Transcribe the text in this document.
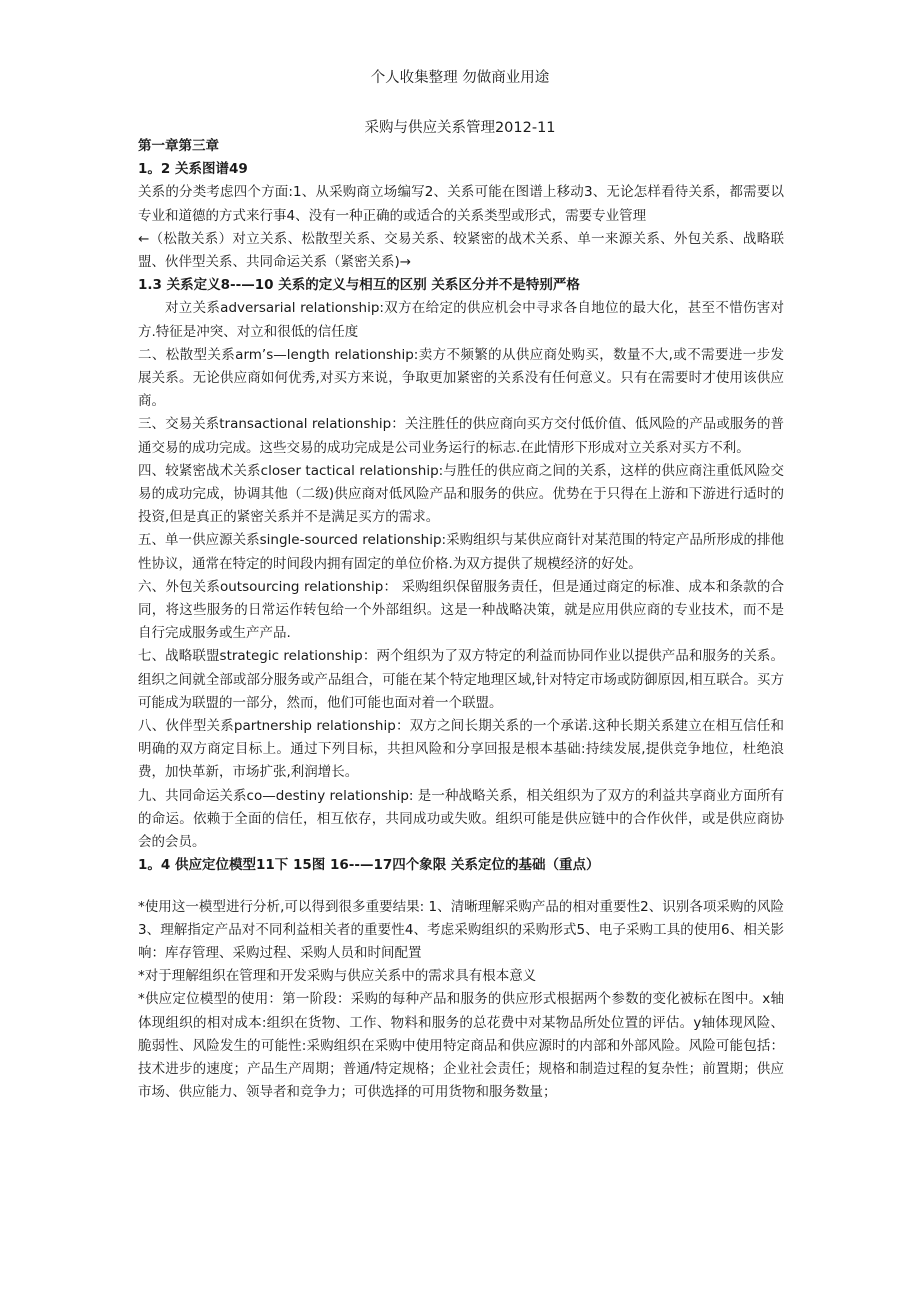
个人收集整理 勿做商业用途
采购与供应关系管理2012-11

第一章第三章

1。2 关系图谱49

关系的分类考虑四个方面:1、从采购商立场编写2、关系可能在图谱上移动3、无论怎样看待关系，都需要以专业和道德的方式来行事4、没有一种正确的或适合的关系类型或形式，需要专业管理

←（松散关系）对立关系、松散型关系、交易关系、较紧密的战术关系、单一来源关系、外包关系、战略联盟、伙伴型关系、共同命运关系（紧密关系)→

1.3 关系定义8--—10 关系的定义与相互的区别 关系区分并不是特别严格

对立关系adversarial relationship:双方在给定的供应机会中寻求各自地位的最大化，甚至不惜伤害对方.特征是冲突、对立和很低的信任度

二、松散型关系arm’s—length relationship:卖方不频繁的从供应商处购买，数量不大,或不需要进一步发展关系。无论供应商如何优秀,对买方来说，争取更加紧密的关系没有任何意义。只有在需要时才使用该供应商。

三、交易关系transactional relationship：关注胜任的供应商向买方交付低价值、低风险的产品或服务的普通交易的成功完成。这些交易的成功完成是公司业务运行的标志.在此情形下形成对立关系对买方不利。

四、较紧密战术关系closer tactical relationship:与胜任的供应商之间的关系，这样的供应商注重低风险交易的成功完成，协调其他（二级)供应商对低风险产品和服务的供应。优势在于只得在上游和下游进行适时的投资,但是真正的紧密关系并不是满足买方的需求。

五、单一供应源关系single-sourced relationship:采购组织与某供应商针对某范围的特定产品所形成的排他性协议，通常在特定的时间段内拥有固定的单位价格.为双方提供了规模经济的好处。

六、外包关系outsourcing relationship： 采购组织保留服务责任，但是通过商定的标准、成本和条款的合同，将这些服务的日常运作转包给一个外部组织。这是一种战略决策，就是应用供应商的专业技术，而不是自行完成服务或生产产品.

七、战略联盟strategic relationship：两个组织为了双方特定的利益而协同作业以提供产品和服务的关系。组织之间就全部或部分服务或产品组合，可能在某个特定地理区域,针对特定市场或防御原因,相互联合。买方可能成为联盟的一部分，然而，他们可能也面对着一个联盟。

八、伙伴型关系partnership relationship：双方之间长期关系的一个承诺.这种长期关系建立在相互信任和明确的双方商定目标上。通过下列目标，共担风险和分享回报是根本基础:持续发展,提供竞争地位，杜绝浪费，加快革新，市场扩张,利润增长。

九、共同命运关系co—destiny relationship: 是一种战略关系，相关组织为了双方的利益共享商业方面所有的命运。依赖于全面的信任，相互依存，共同成功或失败。组织可能是供应链中的合作伙伴，或是供应商协会的会员。

1。4 供应定位模型11下 15图 16--—17四个象限 关系定位的基础（重点）

*使用这一模型进行分析,可以得到很多重要结果: 1、清晰理解采购产品的相对重要性2、识别各项采购的风险3、理解指定产品对不同利益相关者的重要性4、考虑采购组织的采购形式5、电子采购工具的使用6、相关影响：库存管理、采购过程、采购人员和时间配置

*对于理解组织在管理和开发采购与供应关系中的需求具有根本意义

*供应定位模型的使用：第一阶段：采购的每种产品和服务的供应形式根据两个参数的变化被标在图中。x轴体现组织的相对成本:组织在货物、工作、物料和服务的总花费中对某物品所处位置的评估。y轴体现风险、脆弱性、风险发生的可能性:采购组织在采购中使用特定商品和供应源时的内部和外部风险。风险可能包括：技术进步的速度；产品生产周期；普通/特定规格；企业社会责任；规格和制造过程的复杂性；前置期；供应市场、供应能力、领导者和竞争力；可供选择的可用货物和服务数量；
